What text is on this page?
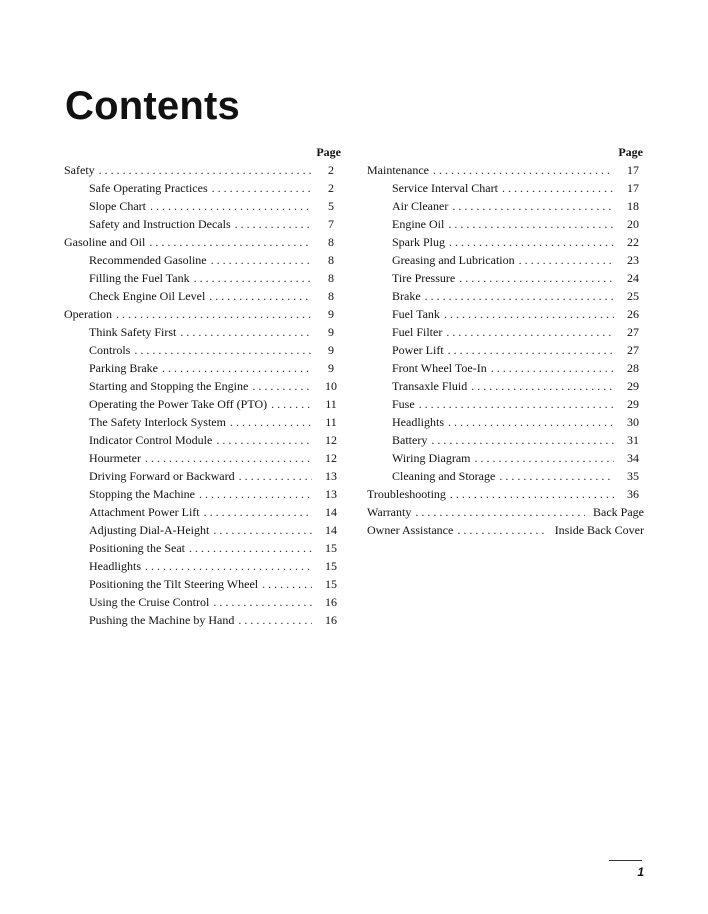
Contents
Page
Safety . . .	2
Safe Operating Practices . . .	2
Slope Chart . . .	5
Safety and Instruction Decals . . .	7
Gasoline and Oil . . .	8
Recommended Gasoline . . .	8
Filling the Fuel Tank . . .	8
Check Engine Oil Level . . .	8
Operation . . .	9
Think Safety First . . .	9
Controls . . .	9
Parking Brake . . .	9
Starting and Stopping the Engine . . .	10
Operating the Power Take Off (PTO) . . .	11
The Safety Interlock System . . .	11
Indicator Control Module . . .	12
Hourmeter . . .	12
Driving Forward or Backward . . .	13
Stopping the Machine . . .	13
Attachment Power Lift . . .	14
Adjusting Dial-A-Height . . .	14
Positioning the Seat . . .	15
Headlights . . .	15
Positioning the Tilt Steering Wheel . . .	15
Using the Cruise Control . . .	16
Pushing the Machine by Hand . . .	16
Page
Maintenance . . .	17
Service Interval Chart . . .	17
Air Cleaner . . .	18
Engine Oil . . .	20
Spark Plug . . .	22
Greasing and Lubrication . . .	23
Tire Pressure . . .	24
Brake . . .	25
Fuel Tank . . .	26
Fuel Filter . . .	27
Power Lift . . .	27
Front Wheel Toe-In . . .	28
Transaxle Fluid . . .	29
Fuse . . .	29
Headlights . . .	30
Battery . . .	31
Wiring Diagram . . .	34
Cleaning and Storage . . .	35
Troubleshooting . . .	36
Warranty . . .	Back Page
Owner Assistance . . .	Inside Back Cover
1
